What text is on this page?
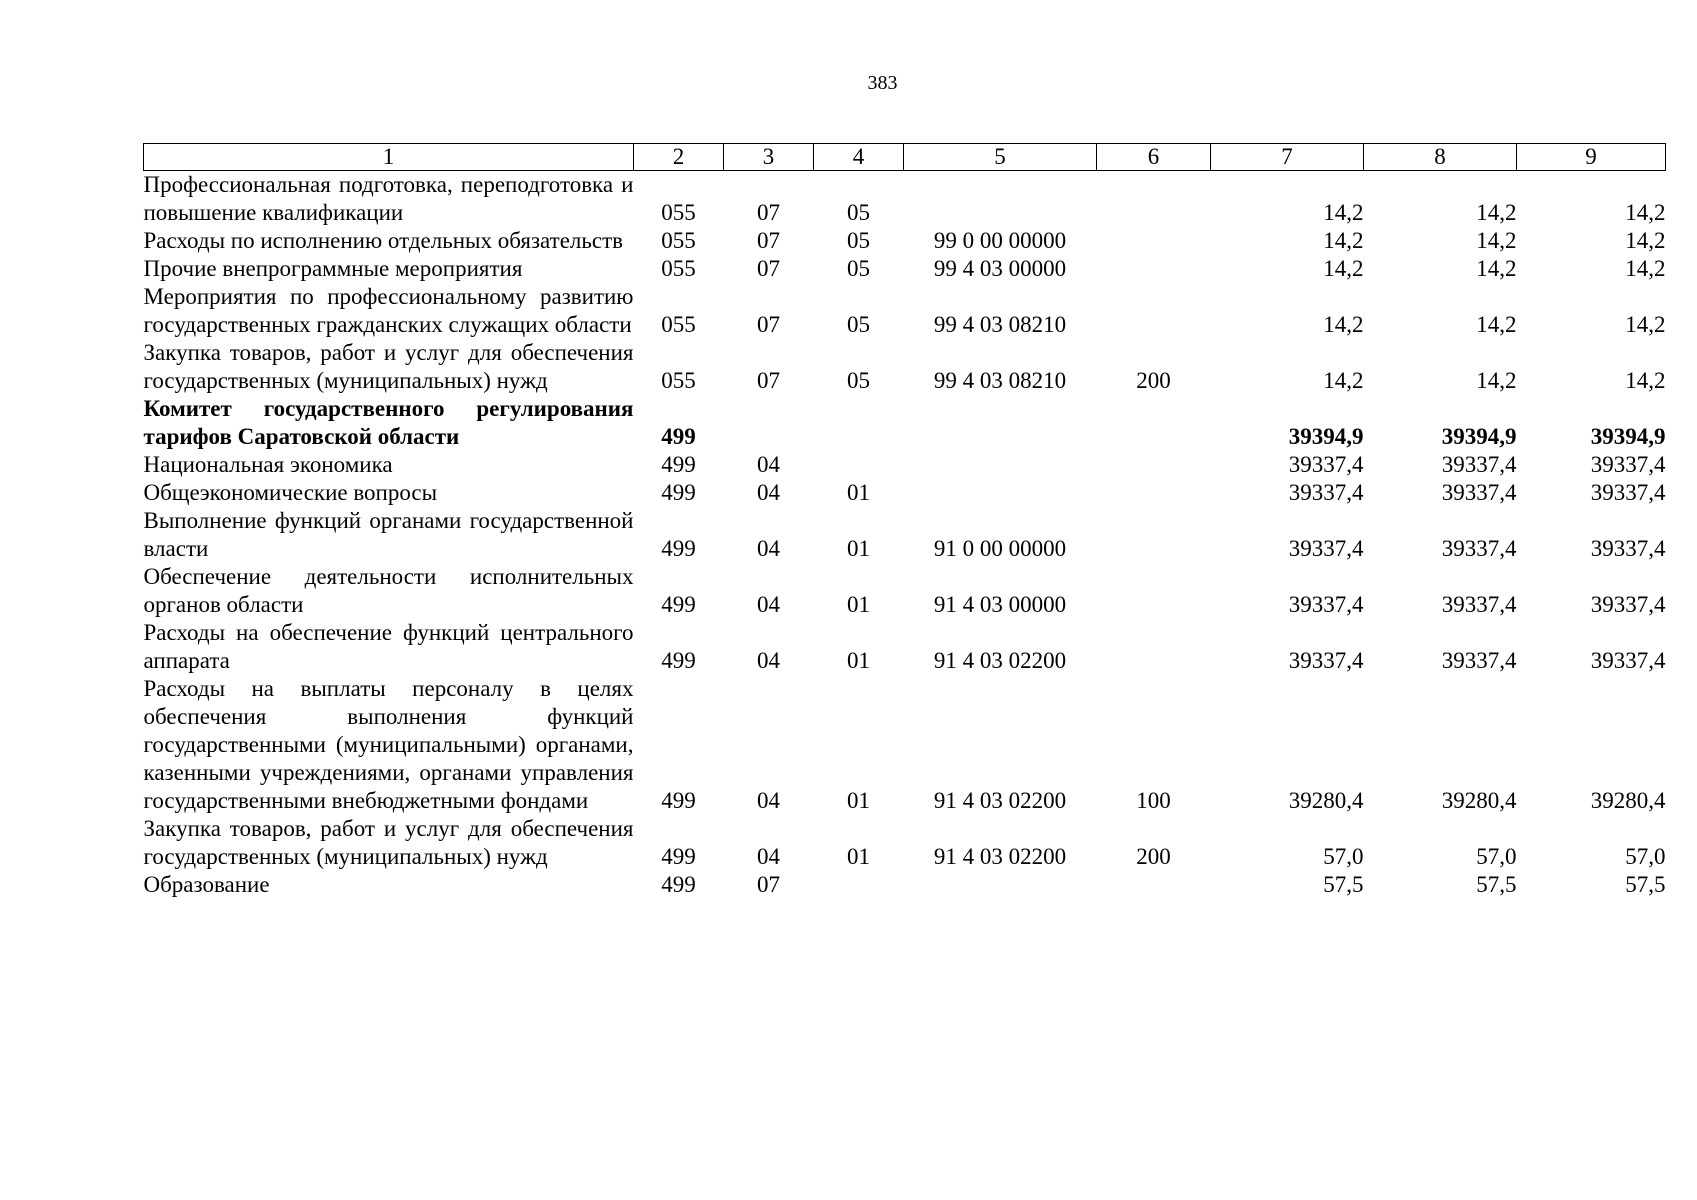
383
1	2	3	4	5	6	7	8	9
Профессиональная подготовка, переподготовка и повышение квалификации	055	07	05			14,2	14,2	14,2
Расходы по исполнению отдельных обязательств	055	07	05	99 0 00 00000		14,2	14,2	14,2
Прочие внепрограммные мероприятия	055	07	05	99 4 03 00000		14,2	14,2	14,2
Мероприятия по профессиональному развитию государственных гражданских служащих области	055	07	05	99 4 03 08210		14,2	14,2	14,2
Закупка товаров, работ и услуг для обеспечения государственных (муниципальных) нужд	055	07	05	99 4 03 08210	200	14,2	14,2	14,2
Комитет государственного регулирования тарифов Саратовской области	499					39394,9	39394,9	39394,9
Национальная экономика	499	04				39337,4	39337,4	39337,4
Общеэкономические вопросы	499	04	01			39337,4	39337,4	39337,4
Выполнение функций органами государственной власти	499	04	01	91 0 00 00000		39337,4	39337,4	39337,4
Обеспечение деятельности исполнительных органов области	499	04	01	91 4 03 00000		39337,4	39337,4	39337,4
Расходы на обеспечение функций центрального аппарата	499	04	01	91 4 03 02200		39337,4	39337,4	39337,4
Расходы на выплаты персоналу в целях обеспечения выполнения функций государственными (муниципальными) органами, казенными учреждениями, органами управления государственными внебюджетными фондами	499	04	01	91 4 03 02200	100	39280,4	39280,4	39280,4
Закупка товаров, работ и услуг для обеспечения государственных (муниципальных) нужд	499	04	01	91 4 03 02200	200	57,0	57,0	57,0
Образование	499	07				57,5	57,5	57,5
